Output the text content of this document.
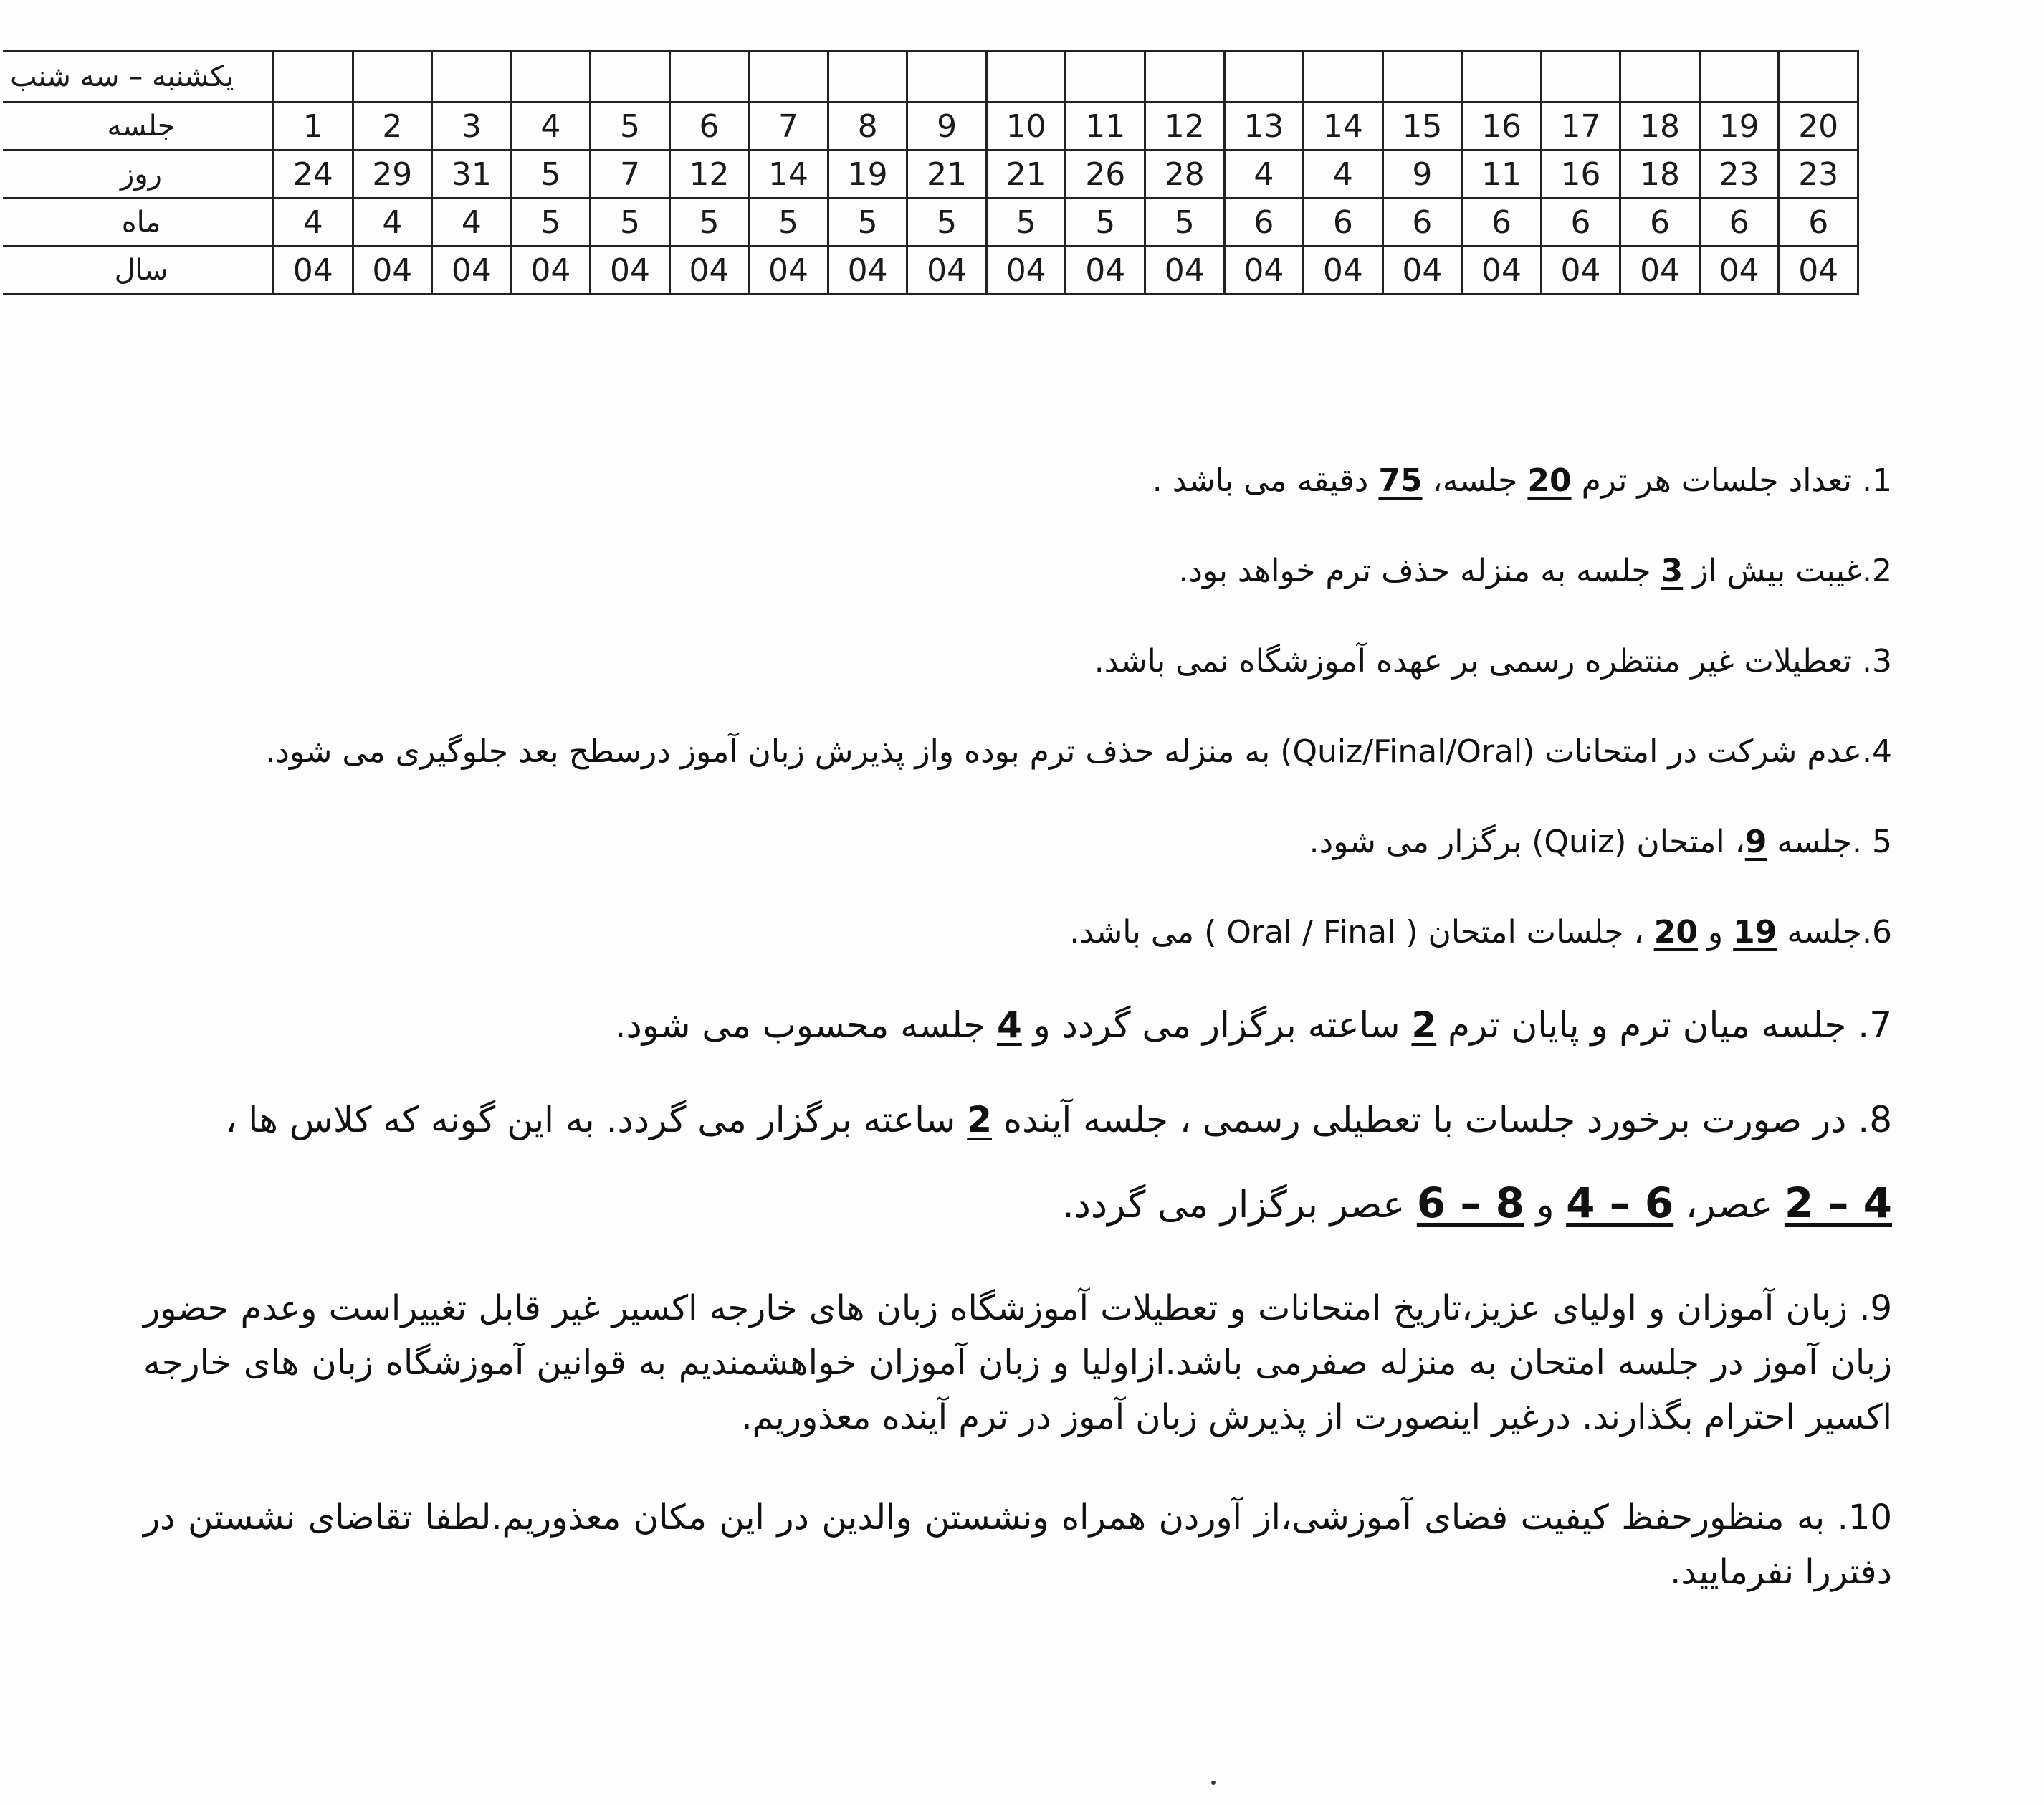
یکشنبه – سه شنب																				
جلسه	1	2	3	4	5	6	7	8	9	10	11	12	13	14	15	16	17	18	19	20
روز	24	29	31	5	7	12	14	19	21	21	26	28	4	4	9	11	16	18	23	23
ماه	4	4	4	5	5	5	5	5	5	5	5	5	6	6	6	6	6	6	6	6
سال	04	04	04	04	04	04	04	04	04	04	04	04	04	04	04	04	04	04	04	04

1. تعداد جلسات هر ترم 20 جلسه، 75 دقیقه می باشد .

2.غیبت بیش از 3 جلسه به منزله حذف ترم خواهد بود.

3. تعطیلات غیر منتظره رسمی بر عهده آموزشگاه نمی باشد.

4.عدم شرکت در امتحانات (Quiz/Final/Oral) به منزله حذف ترم بوده واز پذیرش زبان آموز درسطح بعد جلوگیری می شود.

5 .جلسه 9، امتحان (Quiz) برگزار می شود.

6.جلسه 19 و 20 ، جلسات امتحان ( Oral / Final ) می باشد.

7. جلسه میان ترم و پایان ترم 2 ساعته برگزار می گردد و 4 جلسه محسوب می شود.

8. در صورت برخورد جلسات با تعطیلی رسمی ، جلسه آینده 2 ساعته برگزار می گردد. به این گونه که کلاس ها ،

2 – 4 عصر، 4 – 6 و 6 – 8 عصر برگزار می گردد.

9. زبان آموزان و اولیای عزیز،تاریخ امتحانات و تعطیلات آموزشگاه زبان های خارجه اکسیر غیر قابل تغییراست وعدم حضور زبان آموز در جلسه امتحان به منزله صفرمی باشد.ازاولیا و زبان آموزان خواهشمندیم به قوانین آموزشگاه زبان های خارجه اکسیر احترام بگذارند. درغیر اینصورت از پذیرش زبان آموز در ترم آینده معذوریم.

10. به منظورحفظ کیفیت فضای آموزشی،از آوردن همراه ونشستن والدین در این مکان معذوریم.لطفا تقاضای نشستن در دفتررا نفرمایید.
